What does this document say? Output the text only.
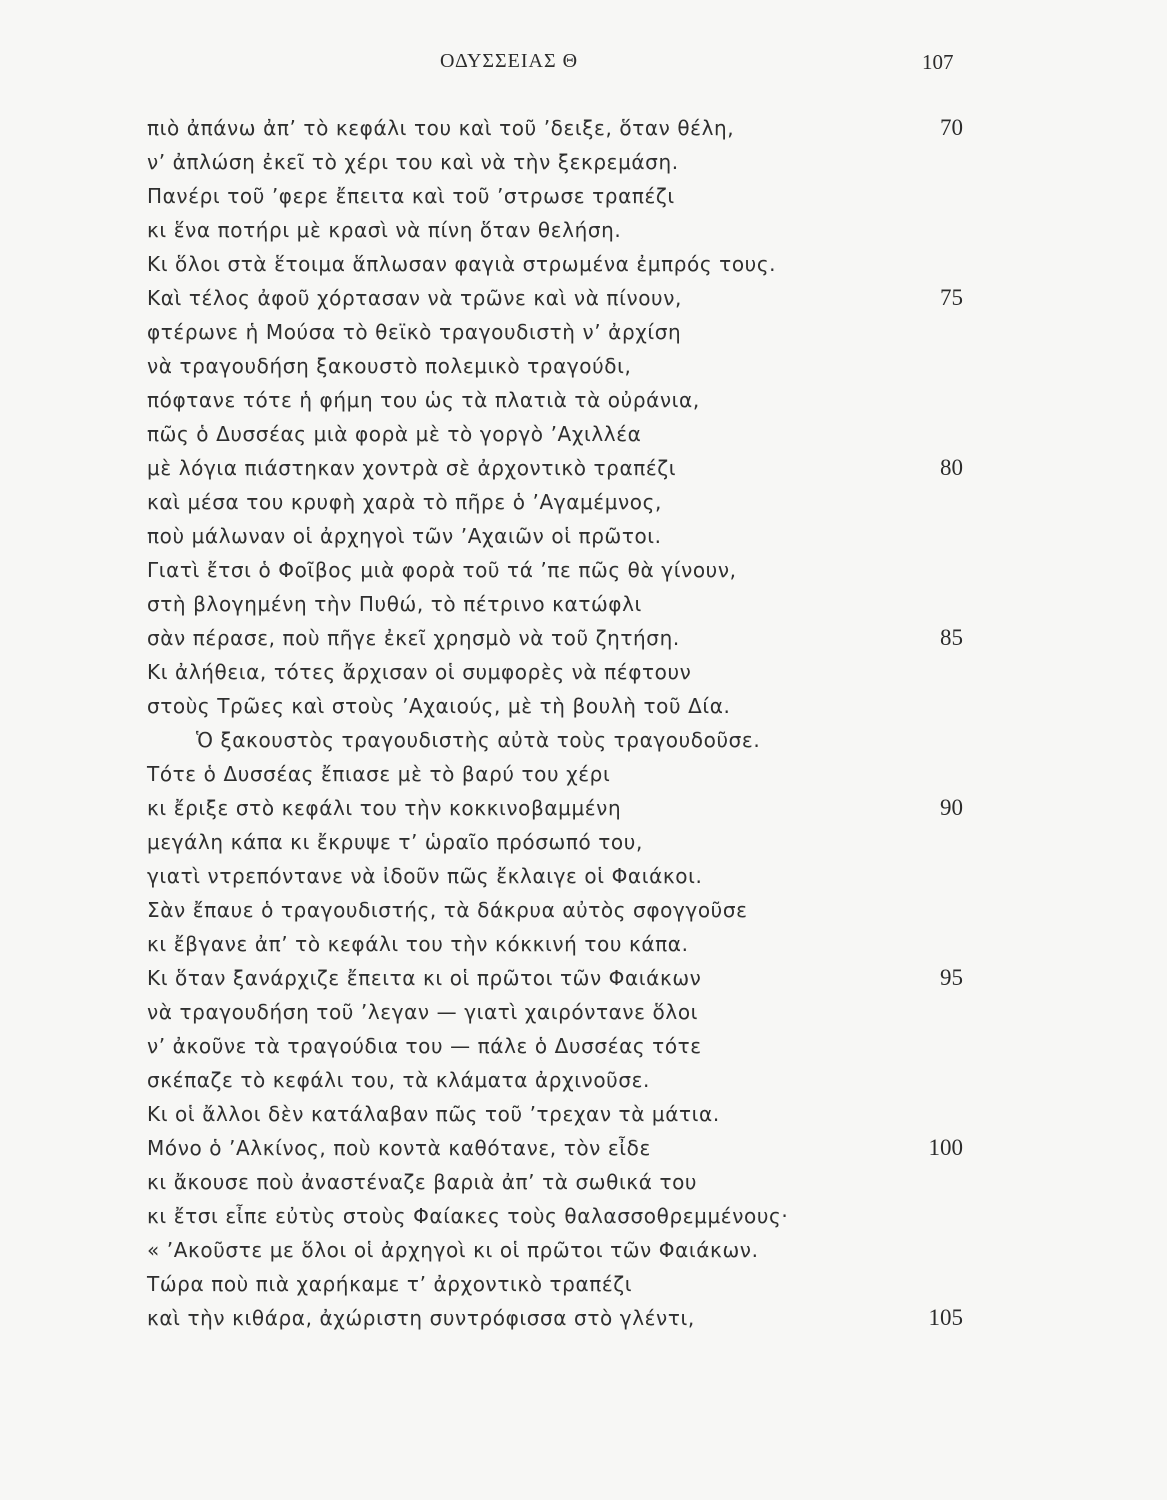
ΟΔΥΣΣΕΙΑΣ Θ	107
πιὸ ἀπάνω ἀπ’ τὸ κεφάλι του καὶ τοῦ ’δειξε, ὅταν θέλη,	70
ν’ ἀπλώση ἐκεῖ τὸ χέρι του καὶ νὰ τὴν ξεκρεμάση.
Πανέρι τοῦ ’φερε ἔπειτα καὶ τοῦ ’στρωσε τραπέζι
κι ἕνα ποτήρι μὲ κρασὶ νὰ πίνη ὅταν θελήση.
Κι ὅλοι στὰ ἕτοιμα ἅπλωσαν φαγιὰ στρωμένα ἐμπρός τους.
Καὶ τέλος ἀφοῦ χόρτασαν νὰ τρῶνε καὶ νὰ πίνουν,	75
φτέρωνε ἡ Μούσα τὸ θεϊκὸ τραγουδιστὴ ν’ ἀρχίση
νὰ τραγουδήση ξακουστὸ πολεμικὸ τραγούδι,
πόφτανε τότε ἡ φήμη του ὡς τὰ πλατιὰ τὰ οὐράνια,
πῶς ὁ Δυσσέας μιὰ φορὰ μὲ τὸ γοργὸ ’Αχιλλέα
μὲ λόγια πιάστηκαν χοντρὰ σὲ ἀρχοντικὸ τραπέζι	80
καὶ μέσα του κρυφὴ χαρὰ τὸ πῆρε ὁ ’Αγαμέμνος,
ποὺ μάλωναν οἱ ἀρχηγοὶ τῶν ’Αχαιῶν οἱ πρῶτοι.
Γιατὶ ἔτσι ὁ Φοῖβος μιὰ φορὰ τοῦ τά ’πε πῶς θὰ γίνουν,
στὴ βλογημένη τὴν Πυθώ, τὸ πέτρινο κατώφλι
σὰν πέρασε, ποὺ πῆγε ἐκεῖ χρησμὸ νὰ τοῦ ζητήση.	85
Κι ἀλήθεια, τότες ἄρχισαν οἱ συμφορὲς νὰ πέφτουν
στοὺς Τρῶες καὶ στοὺς ’Αχαιούς, μὲ τὴ βουλὴ τοῦ Δία.
Ὁ ξακουστὸς τραγουδιστὴς αὐτὰ τοὺς τραγουδοῦσε.
Τότε ὁ Δυσσέας ἔπιασε μὲ τὸ βαρύ του χέρι
κι ἔριξε στὸ κεφάλι του τὴν κοκκινοβαμμένη	90
μεγάλη κάπα κι ἔκρυψε τ’ ὡραῖο πρόσωπό του,
γιατὶ ντρεπόντανε νὰ ἰδοῦν πῶς ἔκλαιγε οἱ Φαιάκοι.
Σὰν ἔπαυε ὁ τραγουδιστής, τὰ δάκρυα αὐτὸς σφογγοῦσε
κι ἔβγανε ἀπ’ τὸ κεφάλι του τὴν κόκκινή του κάπα.
Κι ὅταν ξανάρχιζε ἔπειτα κι οἱ πρῶτοι τῶν Φαιάκων	95
νὰ τραγουδήση τοῦ ’λεγαν — γιατὶ χαιρόντανε ὅλοι
ν’ ἀκοῦνε τὰ τραγούδια του — πάλε ὁ Δυσσέας τότε
σκέπαζε τὸ κεφάλι του, τὰ κλάματα ἀρχινοῦσε.
Κι οἱ ἄλλοι δὲν κατάλαβαν πῶς τοῦ ’τρεχαν τὰ μάτια.
Μόνο ὁ ’Αλκίνος, ποὺ κοντὰ καθότανε, τὸν εἶδε	100
κι ἄκουσε ποὺ ἀναστέναζε βαριὰ ἀπ’ τὰ σωθικά του
κι ἔτσι εἶπε εὐτὺς στοὺς Φαίακες τοὺς θαλασσοθρεμμένους·
« ’Ακοῦστε με ὅλοι οἱ ἀρχηγοὶ κι οἱ πρῶτοι τῶν Φαιάκων.
Τώρα ποὺ πιὰ χαρήκαμε τ’ ἀρχοντικὸ τραπέζι
καὶ τὴν κιθάρα, ἀχώριστη συντρόφισσα στὸ γλέντι,	105
